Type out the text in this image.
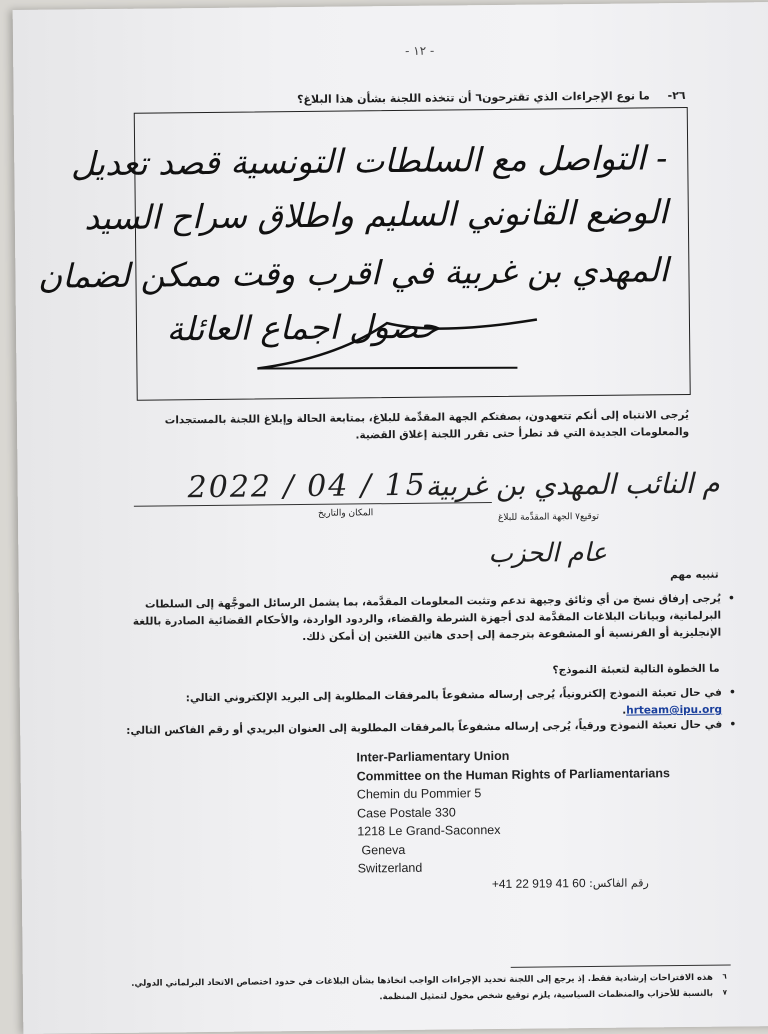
- ١٢ -
٢٦- ما نوع الإجراءات الذي تقترحون٦ أن تتخذه اللجنة بشأن هذا البلاغ؟
- التواصل مع السلطات التونسية قصد تعديل
الوضع القانوني السليم واطلاق سراح السيد
المهدي بن غربية في اقرب وقت ممكن لضمان
حصول اجماع العائلة
يُرجى الانتباه إلى أنكم تتعهدون، بصفتكم الجهة المقدِّمة للبلاغ، بمتابعة الحالة وإبلاغ اللجنة بالمستجدات والمعلومات الجديدة التي قد تطرأ حتى تقرر اللجنة إغلاق القضية.
2022 / 04 / 15
م النائب المهدي بن غربية
المكان والتاريخ	توقيع٧ الجهة المقدِّمة للبلاغ
عام الحزب
تنبيه مهم
• يُرجى إرفاق نسخ من أي وثائق وجيهة تدعم وتثبت المعلومات المقدَّمة، بما يشمل الرسائل الموجَّهة إلى السلطات البرلمانية، وبيانات البلاغات المقدَّمة لدى أجهزة الشرطة والقضاء، والردود الواردة، والأحكام القضائية الصادرة باللغة الإنجليزية أو الفرنسية أو المشفوعة بترجمة إلى إحدى هاتين اللغتين إن أمكن ذلك.
ما الخطوة التالية لتعبئة النموذج؟
• في حال تعبئة النموذج إلكترونياً، يُرجى إرساله مشفوعاً بالمرفقات المطلوبة إلى البريد الإلكتروني التالي: hrteam@ipu.org.
• في حال تعبئة النموذج ورقياً، يُرجى إرساله مشفوعاً بالمرفقات المطلوبة إلى العنوان البريدي أو رقم الفاكس التالي:
Inter-Parliamentary Union
Committee on the Human Rights of Parliamentarians
Chemin du Pommier 5
Case Postale 330
1218 Le Grand-Saconnex
Geneva
Switzerland
رقم الفاكس: +41 22 919 41 60
٦
هذه الاقتراحات إرشادية فقط. إذ يرجع إلى اللجنة تحديد الإجراءات الواجب اتخاذها بشأن البلاغات في حدود اختصاص الاتحاد البرلماني الدولي.
٧
بالنسبة للأحزاب والمنظمات السياسية، يلزم توقيع شخص مخول لتمثيل المنظمة.
